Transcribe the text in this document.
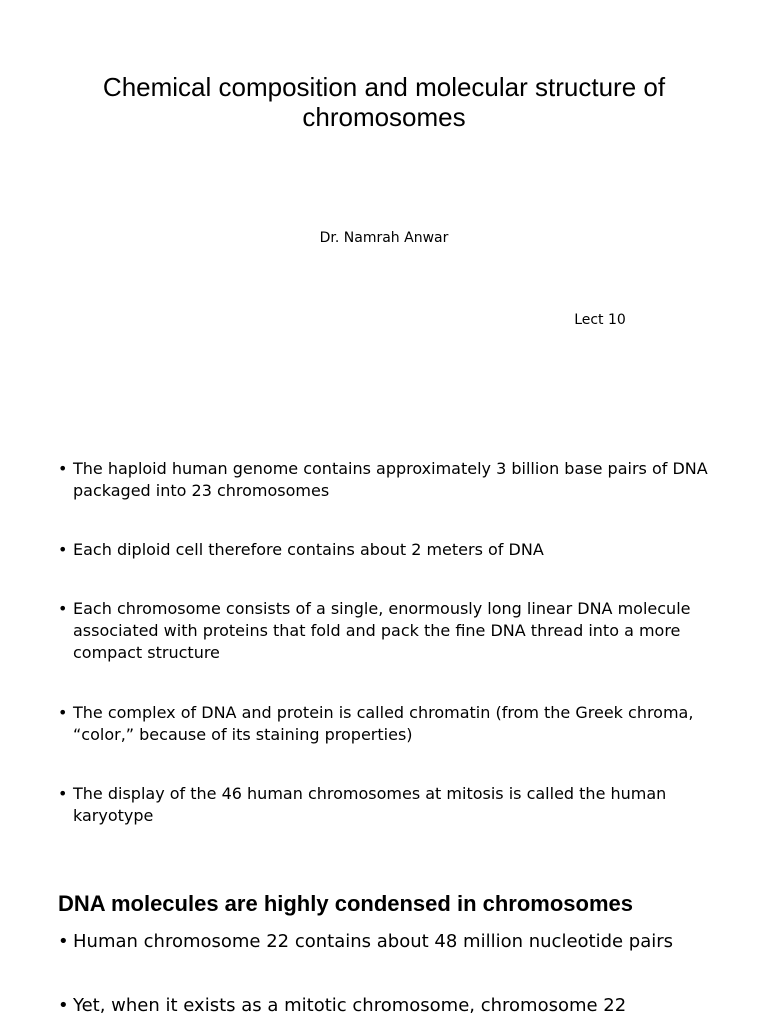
Chemical composition and molecular structure of chromosomes
Dr. Namrah Anwar
Lect 10
• The haploid human genome contains approximately 3 billion base pairs of DNA packaged into 23 chromosomes
• Each diploid cell therefore contains about 2 meters of DNA
• Each chromosome consists of a single, enormously long linear DNA molecule associated with proteins that fold and pack the fine DNA thread into a more compact structure
• The complex of DNA and protein is called chromatin (from the Greek chroma, “color,” because of its staining properties)
• The display of the 46 human chromosomes at mitosis is called the human karyotype
DNA molecules are highly condensed in chromosomes
• Human chromosome 22 contains about 48 million nucleotide pairs
• Yet, when it exists as a mitotic chromosome, chromosome 22
